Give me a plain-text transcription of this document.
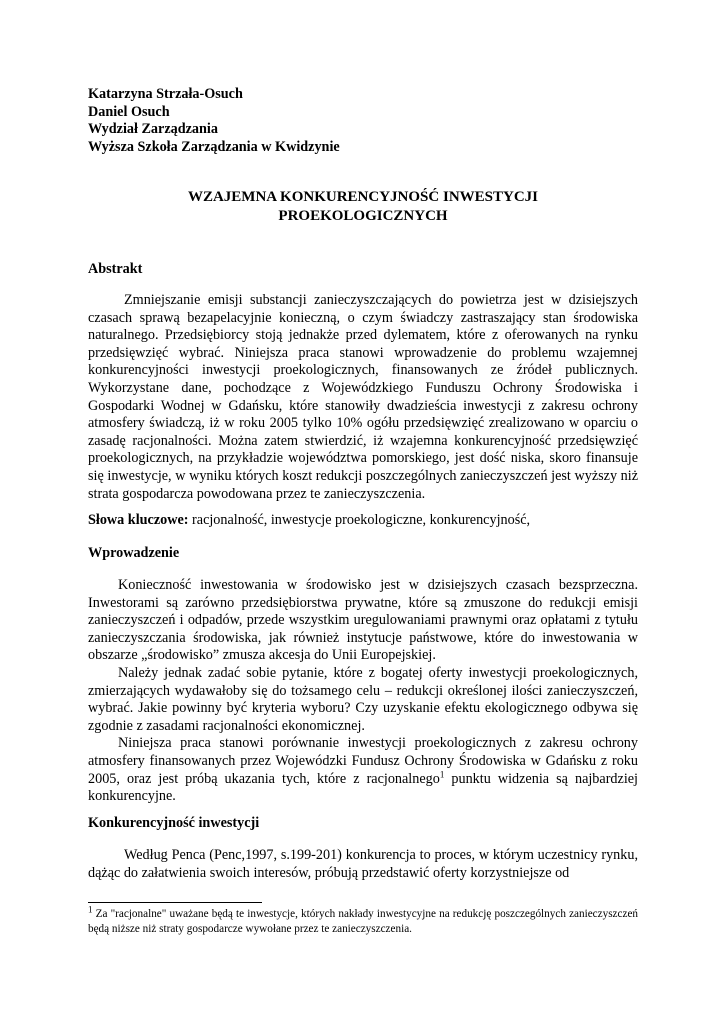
Katarzyna Strzała-Osuch
Daniel Osuch
Wydział Zarządzania
Wyższa Szkoła Zarządzania w Kwidzynie
WZAJEMNA KONKURENCYJNOŚĆ INWESTYCJI
PROEKOLOGICZNYCH
Abstrakt

Zmniejszanie emisji substancji zanieczyszczających do powietrza jest w dzisiejszych czasach sprawą bezapelacyjnie konieczną, o czym świadczy zastraszający stan środowiska naturalnego. Przedsiębiorcy stoją jednakże przed dylematem, które z oferowanych na rynku przedsięwzięć wybrać. Niniejsza praca stanowi wprowadzenie do problemu wzajemnej konkurencyjności inwestycji proekologicznych, finansowanych ze źródeł publicznych. Wykorzystane dane, pochodzące z Wojewódzkiego Funduszu Ochrony Środowiska i Gospodarki Wodnej w Gdańsku, które stanowiły dwadzieścia inwestycji z zakresu ochrony atmosfery świadczą, iż w roku 2005 tylko 10% ogółu przedsięwzięć zrealizowano w oparciu o zasadę racjonalności. Można zatem stwierdzić, iż wzajemna konkurencyjność przedsięwzięć proekologicznych, na przykładzie województwa pomorskiego, jest dość niska, skoro finansuje się inwestycje, w wyniku których koszt redukcji poszczególnych zanieczyszczeń jest wyższy niż strata gospodarcza powodowana przez te zanieczyszczenia.

Słowa kluczowe: racjonalność, inwestycje proekologiczne, konkurencyjność,
Wprowadzenie

Konieczność inwestowania w środowisko jest w dzisiejszych czasach bezsprzeczna. Inwestorami są zarówno przedsiębiorstwa prywatne, które są zmuszone do redukcji emisji zanieczyszczeń i odpadów, przede wszystkim uregulowaniami prawnymi oraz opłatami z tytułu zanieczyszczania środowiska, jak również instytucje państwowe, które do inwestowania w obszarze „środowisko” zmusza akcesja do Unii Europejskiej.

Należy jednak zadać sobie pytanie, które z bogatej oferty inwestycji proekologicznych, zmierzających wydawałoby się do tożsamego celu – redukcji określonej ilości zanieczyszczeń, wybrać. Jakie powinny być kryteria wyboru? Czy uzyskanie efektu ekologicznego odbywa się zgodnie z zasadami racjonalności ekonomicznej.

Niniejsza praca stanowi porównanie inwestycji proekologicznych z zakresu ochrony atmosfery finansowanych przez Wojewódzki Fundusz Ochrony Środowiska w Gdańsku z roku 2005, oraz jest próbą ukazania tych, które z racjonalnego$^1$ punktu widzenia są najbardziej konkurencyjne.

Konkurencyjność inwestycji

Według Penca (Penc,1997, s.199-201) konkurencja to proces, w którym uczestnicy rynku, dążąc do załatwienia swoich interesów, próbują przedstawić oferty korzystniejsze od

$^1$ Za "racjonalne" uważane będą te inwestycje, których nakłady inwestycyjne na redukcję poszczególnych zanieczyszczeń będą niższe niż straty gospodarcze wywołane przez te zanieczyszczenia.
